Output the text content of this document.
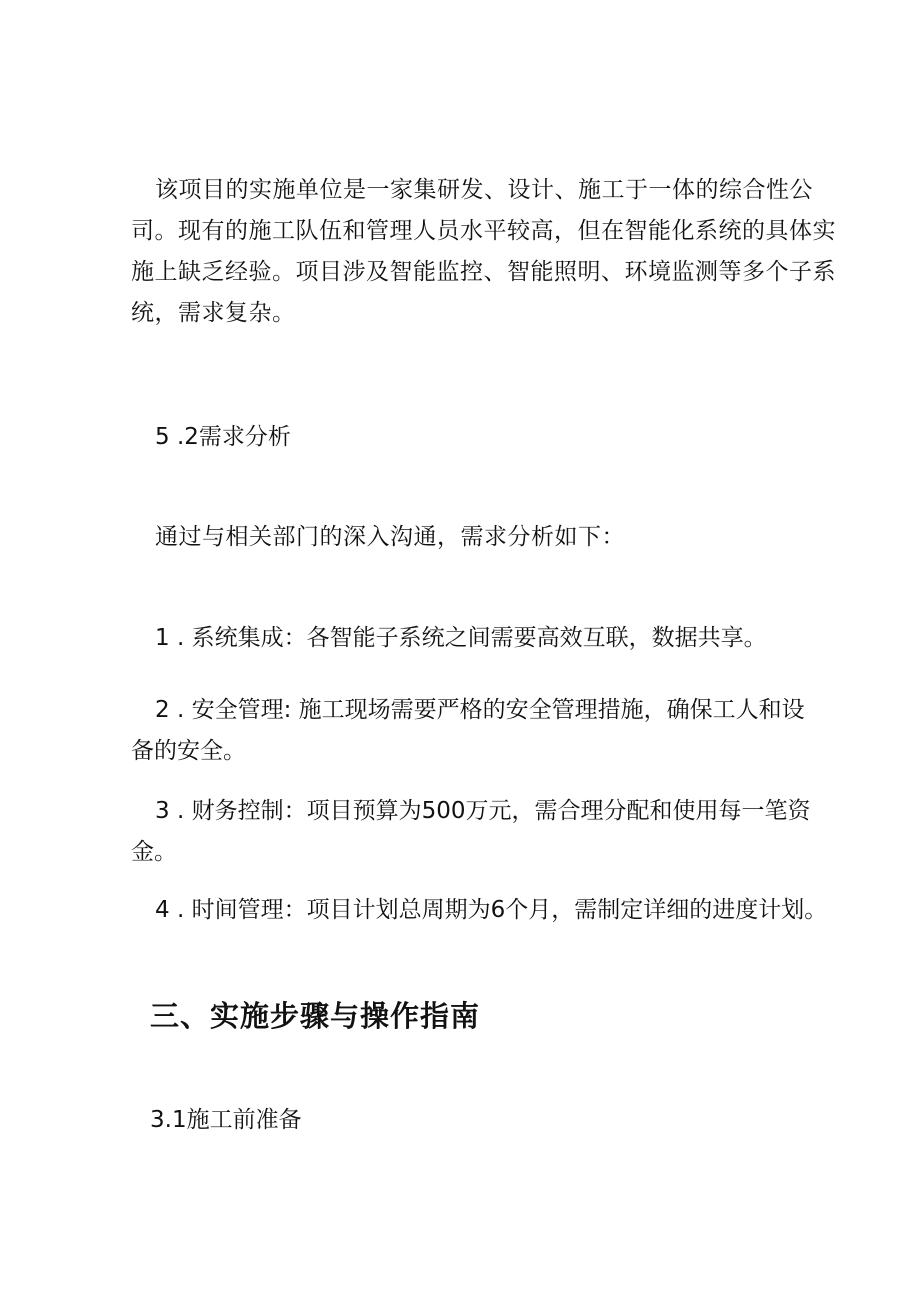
该项目的实施单位是一家集研发、设计、施工于一体的综合性公
司。现有的施工队伍和管理人员水平较高，但在智能化系统的具体实
施上缺乏经验。项目涉及智能监控、智能照明、环境监测等多个子系
统，需求复杂。
5 .2需求分析
通过与相关部门的深入沟通，需求分析如下：
1 . 系统集成：各智能子系统之间需要高效互联，数据共享。
2 . 安全管理: 施工现场需要严格的安全管理措施，确保工人和设
备的安全。
3 . 财务控制：项目预算为500万元，需合理分配和使用每一笔资
金。
4 . 时间管理：项目计划总周期为6个月，需制定详细的进度计划。
三、实施步骤与操作指南
3.1施工前准备
